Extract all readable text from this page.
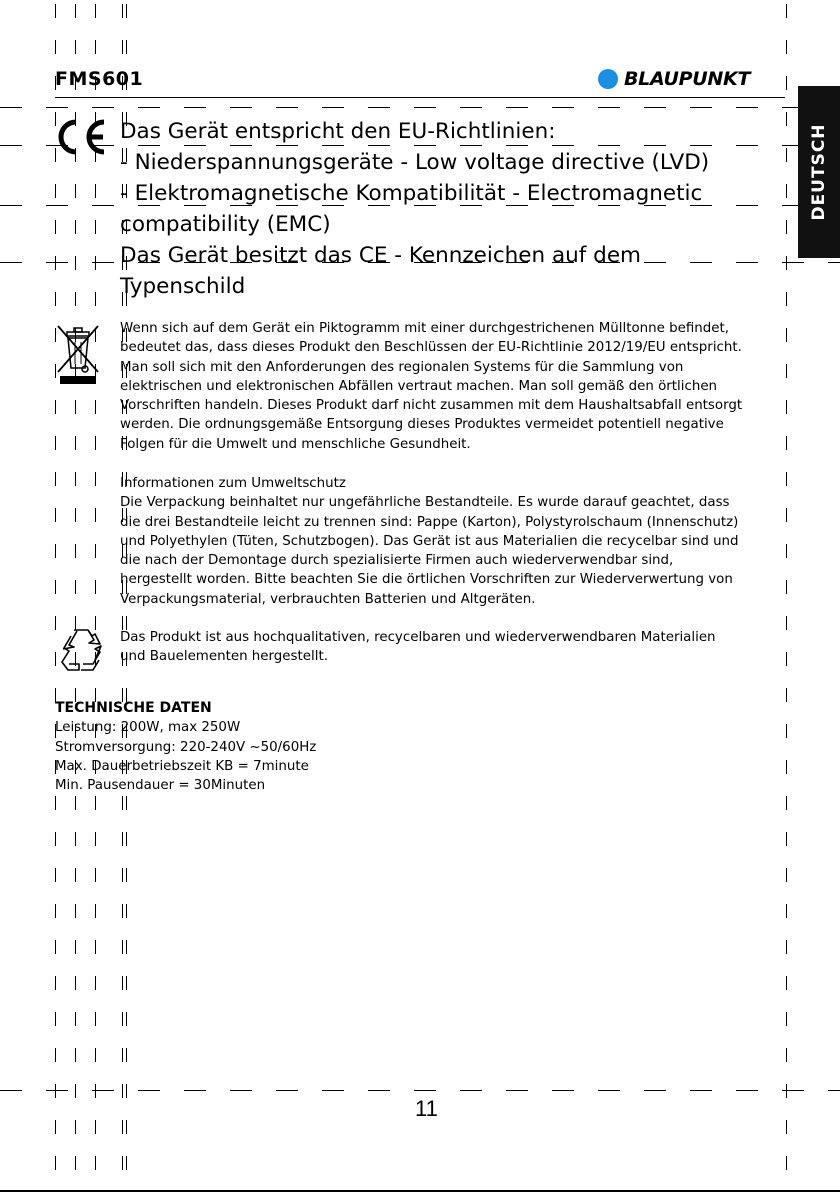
FMS601	BLAUPUNKT
DEUTSCH
Das Gerät entspricht den EU-Richtlinien:
- Niederspannungsgeräte - Low voltage directive (LVD)
- Elektromagnetische Kompatibilität - Electromagnetic
compatibility (EMC)
Das Gerät besitzt das CE - Kennzeichen auf dem
Typenschild
Wenn sich auf dem Gerät ein Piktogramm mit einer durchgestrichenen Mülltonne befindet,
bedeutet das, dass dieses Produkt den Beschlüssen der EU-Richtlinie 2012/19/EU entspricht.
Man soll sich mit den Anforderungen des regionalen Systems für die Sammlung von
elektrischen und elektronischen Abfällen vertraut machen. Man soll gemäß den örtlichen
Vorschriften handeln. Dieses Produkt darf nicht zusammen mit dem Haushaltsabfall entsorgt
werden. Die ordnungsgemäße Entsorgung dieses Produktes vermeidet potentiell negative
Folgen für die Umwelt und menschliche Gesundheit.
Informationen zum Umweltschutz
Die Verpackung beinhaltet nur ungefährliche Bestandteile. Es wurde darauf geachtet, dass
die drei Bestandteile leicht zu trennen sind: Pappe (Karton), Polystyrolschaum (Innenschutz)
und Polyethylen (Tüten, Schutzbogen). Das Gerät ist aus Materialien die recycelbar sind und
die nach der Demontage durch spezialisierte Firmen auch wiederverwendbar sind,
hergestellt worden. Bitte beachten Sie die örtlichen Vorschriften zur Wiederverwertung von
Verpackungsmaterial, verbrauchten Batterien und Altgeräten.
Das Produkt ist aus hochqualitativen, recycelbaren und wiederverwendbaren Materialien
und Bauelementen hergestellt.
TECHNISCHE DATEN
Leistung: 200W, max 250W
Stromversorgung: 220-240V ~50/60Hz
Max. Dauerbetriebszeit KB = 7minute
Min. Pausendauer = 30Minuten
11
